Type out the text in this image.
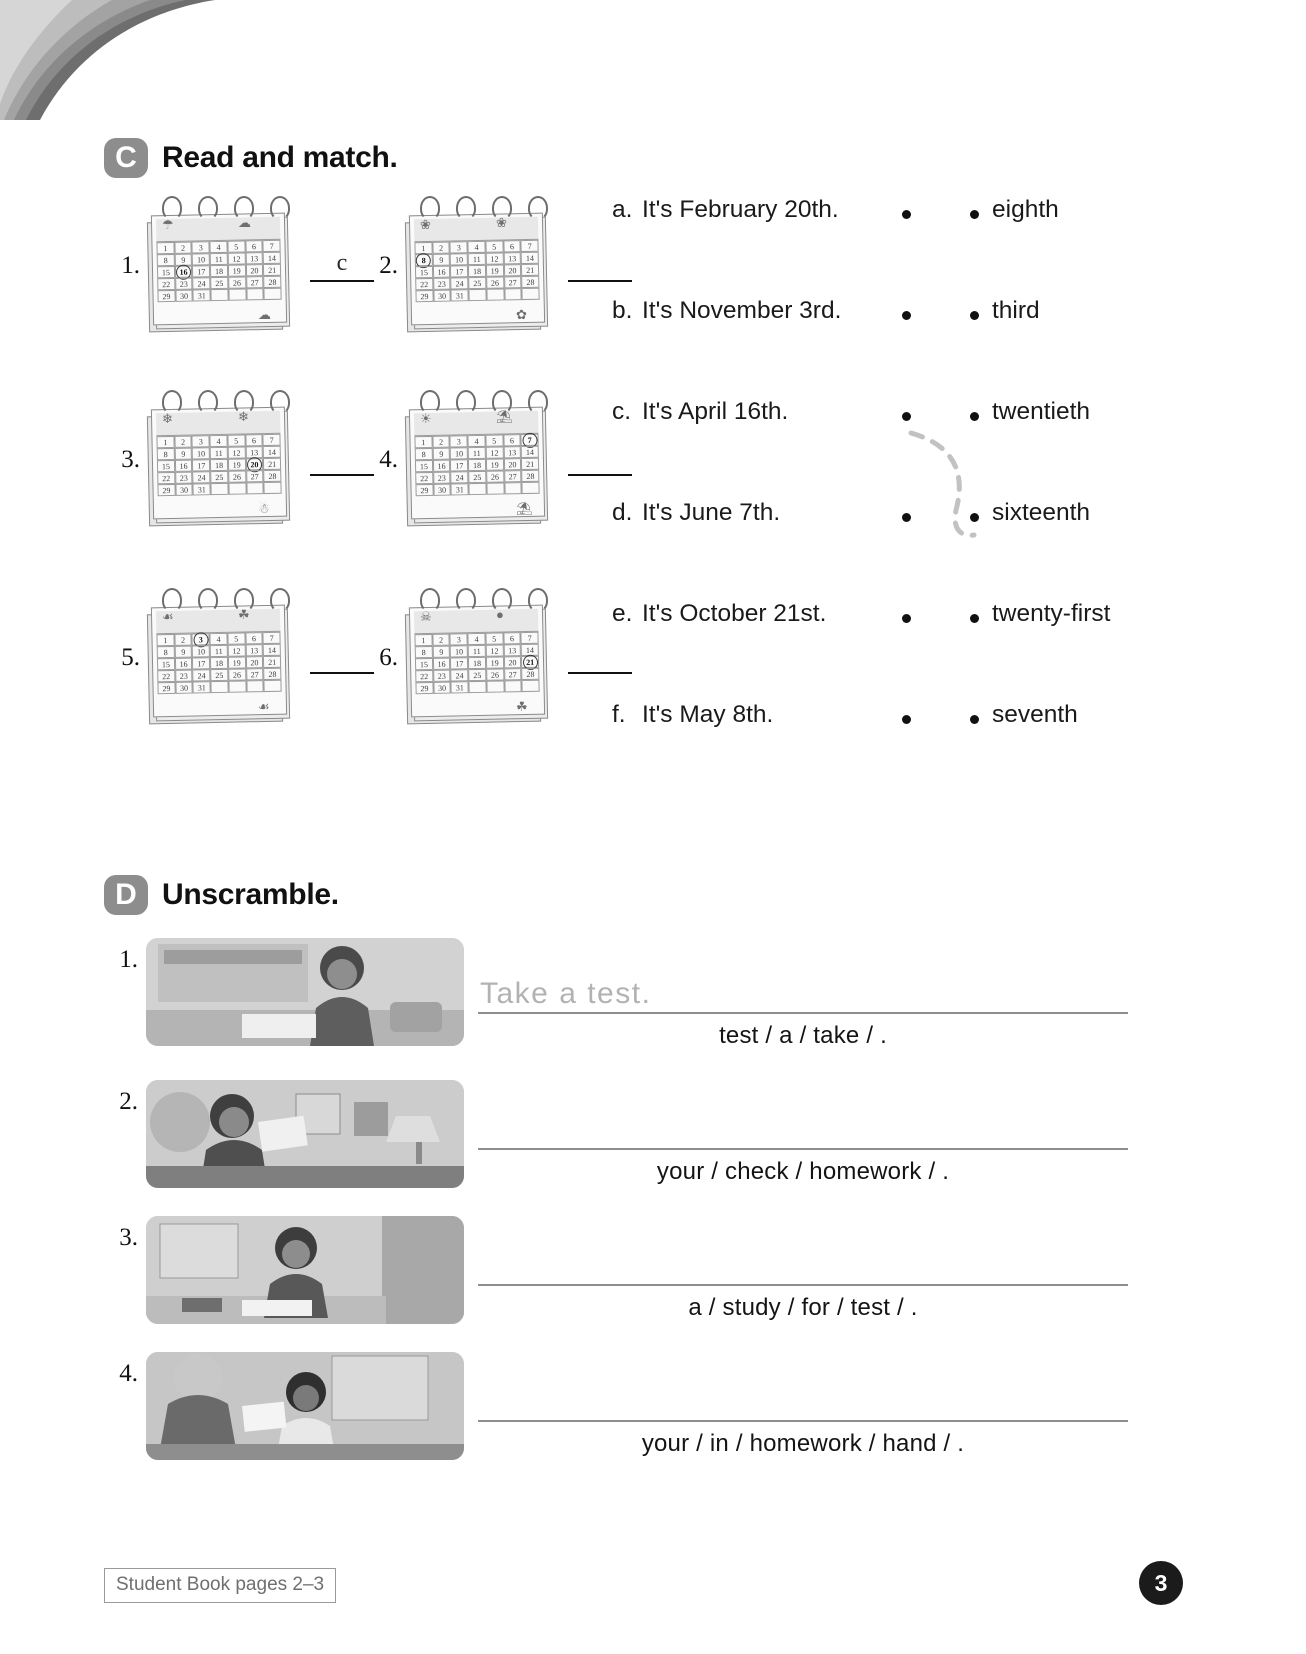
C Read and match.
1.
1	2	3	4	5	6	7
8	9	10	11	12	13	14
15	16	17	18	19	20	21
22	23	24	25	26	27	28
29	30	31
☂	☁
☁
c	2.
1	2	3	4	5	6	7
8	9	10	11	12	13	14
15	16	17	18	19	20	21
22	23	24	25	26	27	28
29	30	31
❀	❀
✿
3.
1	2	3	4	5	6	7
8	9	10	11	12	13	14
15	16	17	18	19	20	21
22	23	24	25	26	27	28
29	30	31
❄	❄
☃
4.
1	2	3	4	5	6	7
8	9	10	11	12	13	14
15	16	17	18	19	20	21
22	23	24	25	26	27	28
29	30	31
☀	⛱
⛱
5.
1	2	3	4	5	6	7
8	9	10	11	12	13	14
15	16	17	18	19	20	21
22	23	24	25	26	27	28
29	30	31
☙	☘
☙
6.
1	2	3	4	5	6	7
8	9	10	11	12	13	14
15	16	17	18	19	20	21
22	23	24	25	26	27	28
29	30	31
☠	●
☘
a. It's February 20th.	eighth
b. It's November 3rd.	third
c. It's April 16th.	twentieth
d. It's June 7th.	sixteenth
e. It's October 21st.	twenty-first
f. It's May 8th.	seventh
D Unscramble.
1.
Take a test.
test / a / take / .
2.
your / check / homework / .
3.
a / study / for / test / .
4.
your / in / homework / hand / .
Student Book pages 2–3	3
